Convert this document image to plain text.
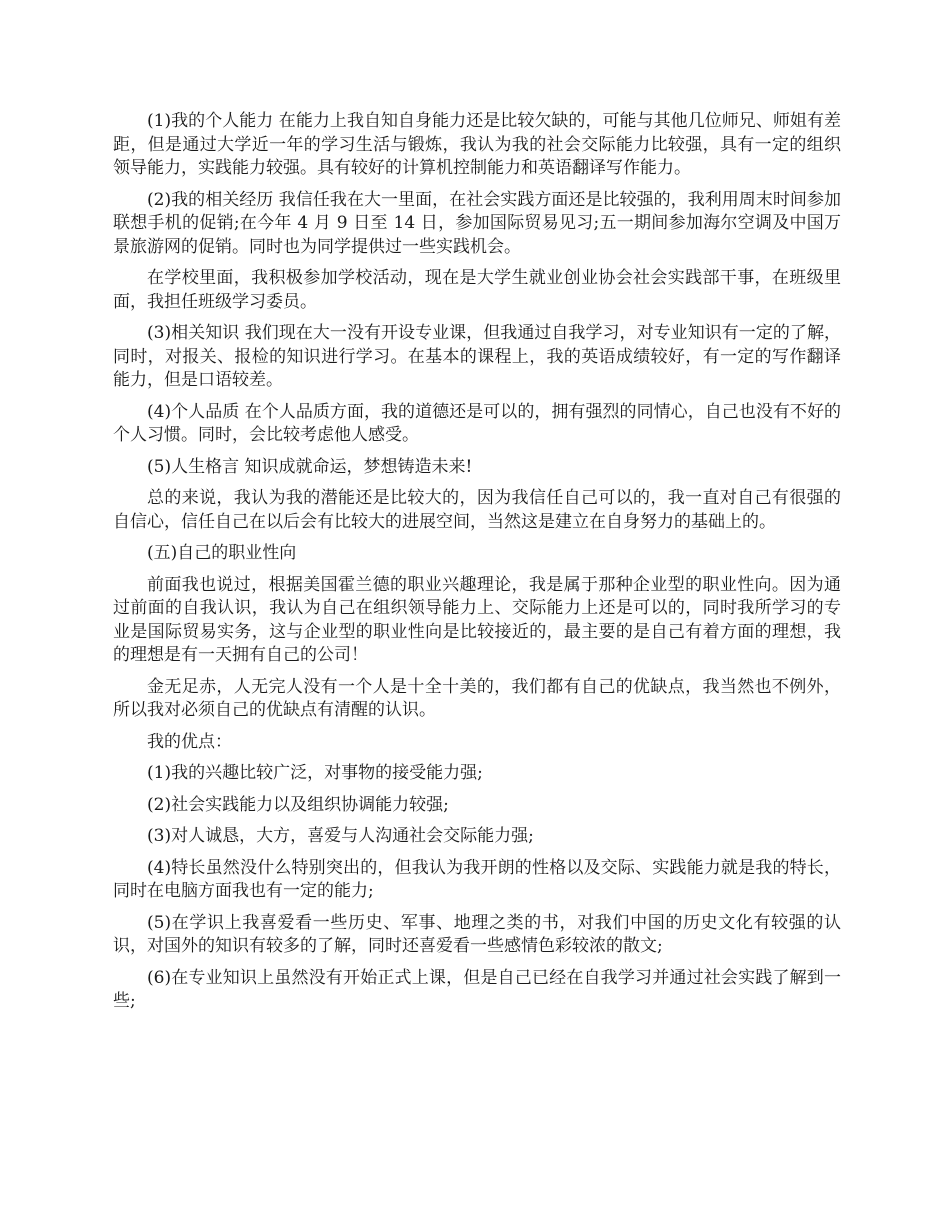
(1)我的个人能力 在能力上我自知自身能力还是比较欠缺的，可能与其他几位师兄、师姐有差距，但是通过大学近一年的学习生活与锻炼，我认为我的社会交际能力比较强，具有一定的组织领导能力，实践能力较强。具有较好的计算机控制能力和英语翻译写作能力。

(2)我的相关经历 我信任我在大一里面，在社会实践方面还是比较强的，我利用周末时间参加联想手机的促销;在今年 4 月 9 日至 14 日，参加国际贸易见习;五一期间参加海尔空调及中国万景旅游网的促销。同时也为同学提供过一些实践机会。

在学校里面，我积极参加学校活动，现在是大学生就业创业协会社会实践部干事，在班级里面，我担任班级学习委员。

(3)相关知识 我们现在大一没有开设专业课，但我通过自我学习，对专业知识有一定的了解，同时，对报关、报检的知识进行学习。在基本的课程上，我的英语成绩较好，有一定的写作翻译能力，但是口语较差。

(4)个人品质 在个人品质方面，我的道德还是可以的，拥有强烈的同情心，自己也没有不好的个人习惯。同时，会比较考虑他人感受。

(5)人生格言 知识成就命运，梦想铸造未来!

总的来说，我认为我的潜能还是比较大的，因为我信任自己可以的，我一直对自己有很强的自信心，信任自己在以后会有比较大的进展空间，当然这是建立在自身努力的基础上的。

(五)自己的职业性向

前面我也说过，根据美国霍兰德的职业兴趣理论，我是属于那种企业型的职业性向。因为通过前面的自我认识，我认为自己在组织领导能力上、交际能力上还是可以的，同时我所学习的专业是国际贸易实务，这与企业型的职业性向是比较接近的，最主要的是自己有着方面的理想，我的理想是有一天拥有自己的公司！

金无足赤，人无完人没有一个人是十全十美的，我们都有自己的优缺点，我当然也不例外，所以我对必须自己的优缺点有清醒的认识。

我的优点：

(1)我的兴趣比较广泛，对事物的接受能力强;

(2)社会实践能力以及组织协调能力较强;

(3)对人诚恳，大方，喜爱与人沟通社会交际能力强;

(4)特长虽然没什么特别突出的，但我认为我开朗的性格以及交际、实践能力就是我的特长，同时在电脑方面我也有一定的能力;

(5)在学识上我喜爱看一些历史、军事、地理之类的书，对我们中国的历史文化有较强的认识，对国外的知识有较多的了解，同时还喜爱看一些感情色彩较浓的散文;

(6)在专业知识上虽然没有开始正式上课，但是自己已经在自我学习并通过社会实践了解到一些;
